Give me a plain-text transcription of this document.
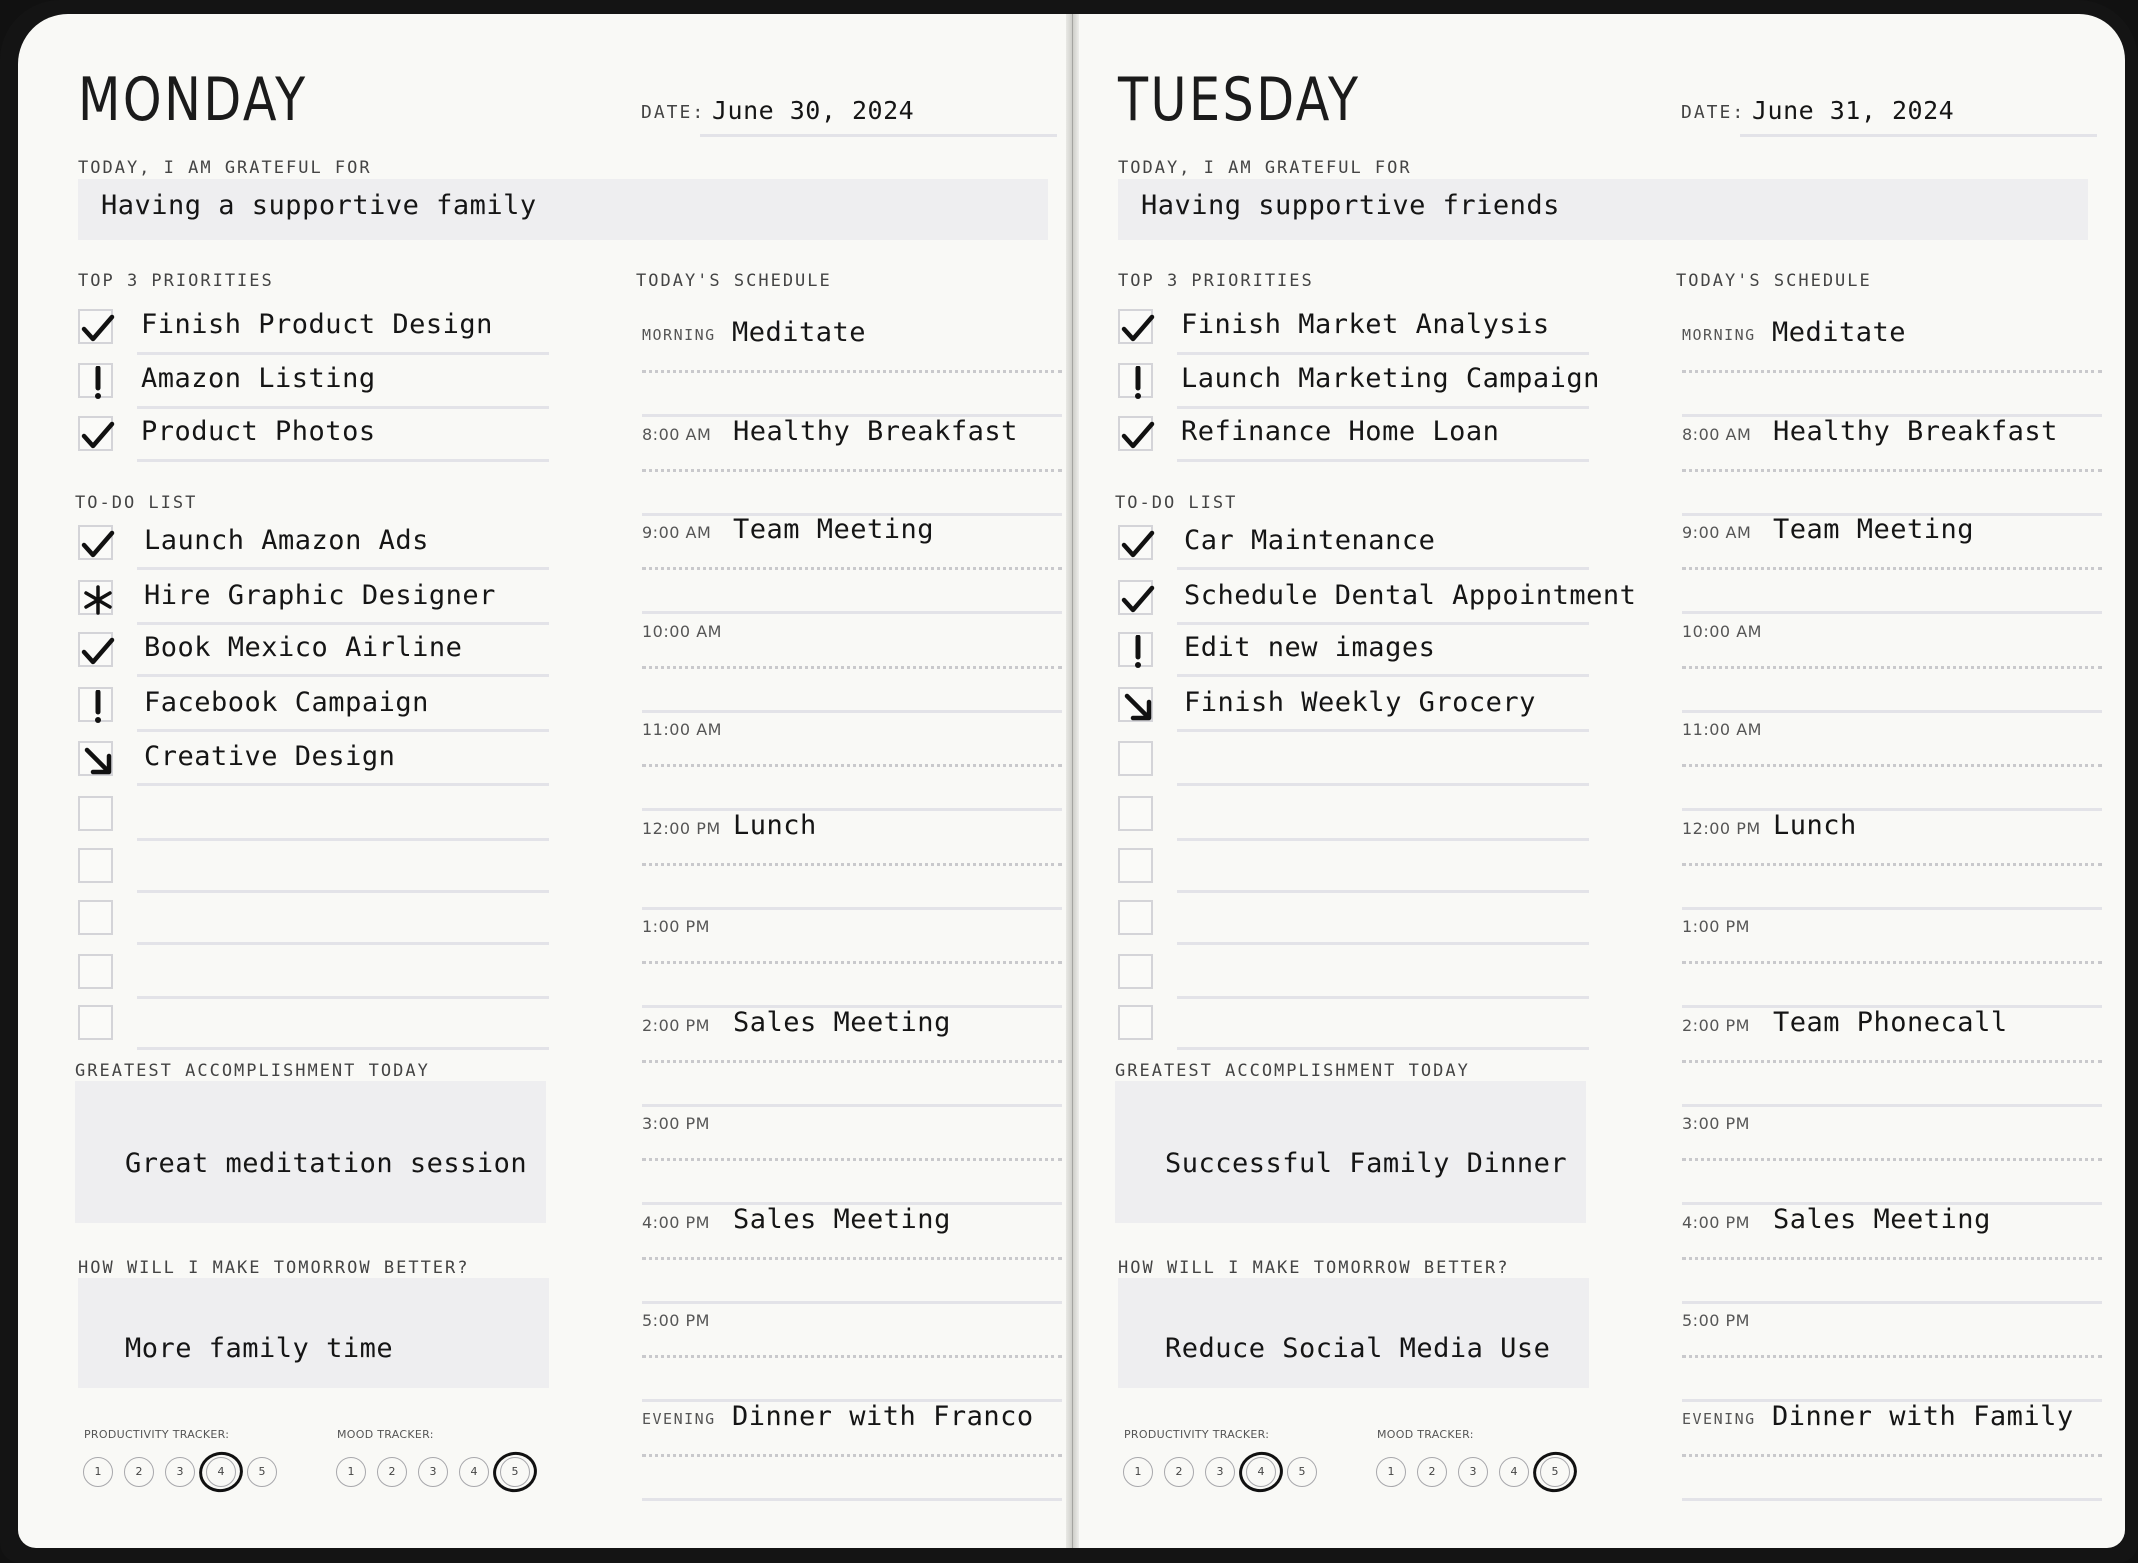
MONDAY	DATE: June 30, 2024
TODAY, I AM GRATEFUL FOR
Having a supportive family
TOP 3 PRIORITIES
Finish Product Design
Amazon Listing
Product Photos
TO-DO LIST
Launch Amazon Ads
Hire Graphic Designer
Book Mexico Airline
Facebook Campaign
Creative Design
GREATEST ACCOMPLISHMENT TODAY
Great meditation session
HOW WILL I MAKE TOMORROW BETTER?
More family time
PRODUCTIVITY TRACKER:	MOOD TRACKER:
1	2	3	4	5	1	2	3	4	5
TODAY'S SCHEDULE
MORNING Meditate
8:00 AM Healthy Breakfast
9:00 AM Team Meeting
10:00 AM
11:00 AM
12:00 PM Lunch
1:00 PM
2:00 PM Sales Meeting
3:00 PM
4:00 PM Sales Meeting
5:00 PM
EVENING Dinner with Franco
TUESDAY	DATE: June 31, 2024
TODAY, I AM GRATEFUL FOR
Having supportive friends
TOP 3 PRIORITIES
Finish Market Analysis
Launch Marketing Campaign
Refinance Home Loan
TO-DO LIST
Car Maintenance
Schedule Dental Appointment
Edit new images
Finish Weekly Grocery
GREATEST ACCOMPLISHMENT TODAY
Successful Family Dinner
HOW WILL I MAKE TOMORROW BETTER?
Reduce Social Media Use
PRODUCTIVITY TRACKER:	MOOD TRACKER:
1	2	3	4	5	1	2	3	4	5
TODAY'S SCHEDULE
MORNING Meditate
8:00 AM Healthy Breakfast
9:00 AM Team Meeting
10:00 AM
11:00 AM
12:00 PM Lunch
1:00 PM
2:00 PM Team Phonecall
3:00 PM
4:00 PM Sales Meeting
5:00 PM
EVENING Dinner with Family
